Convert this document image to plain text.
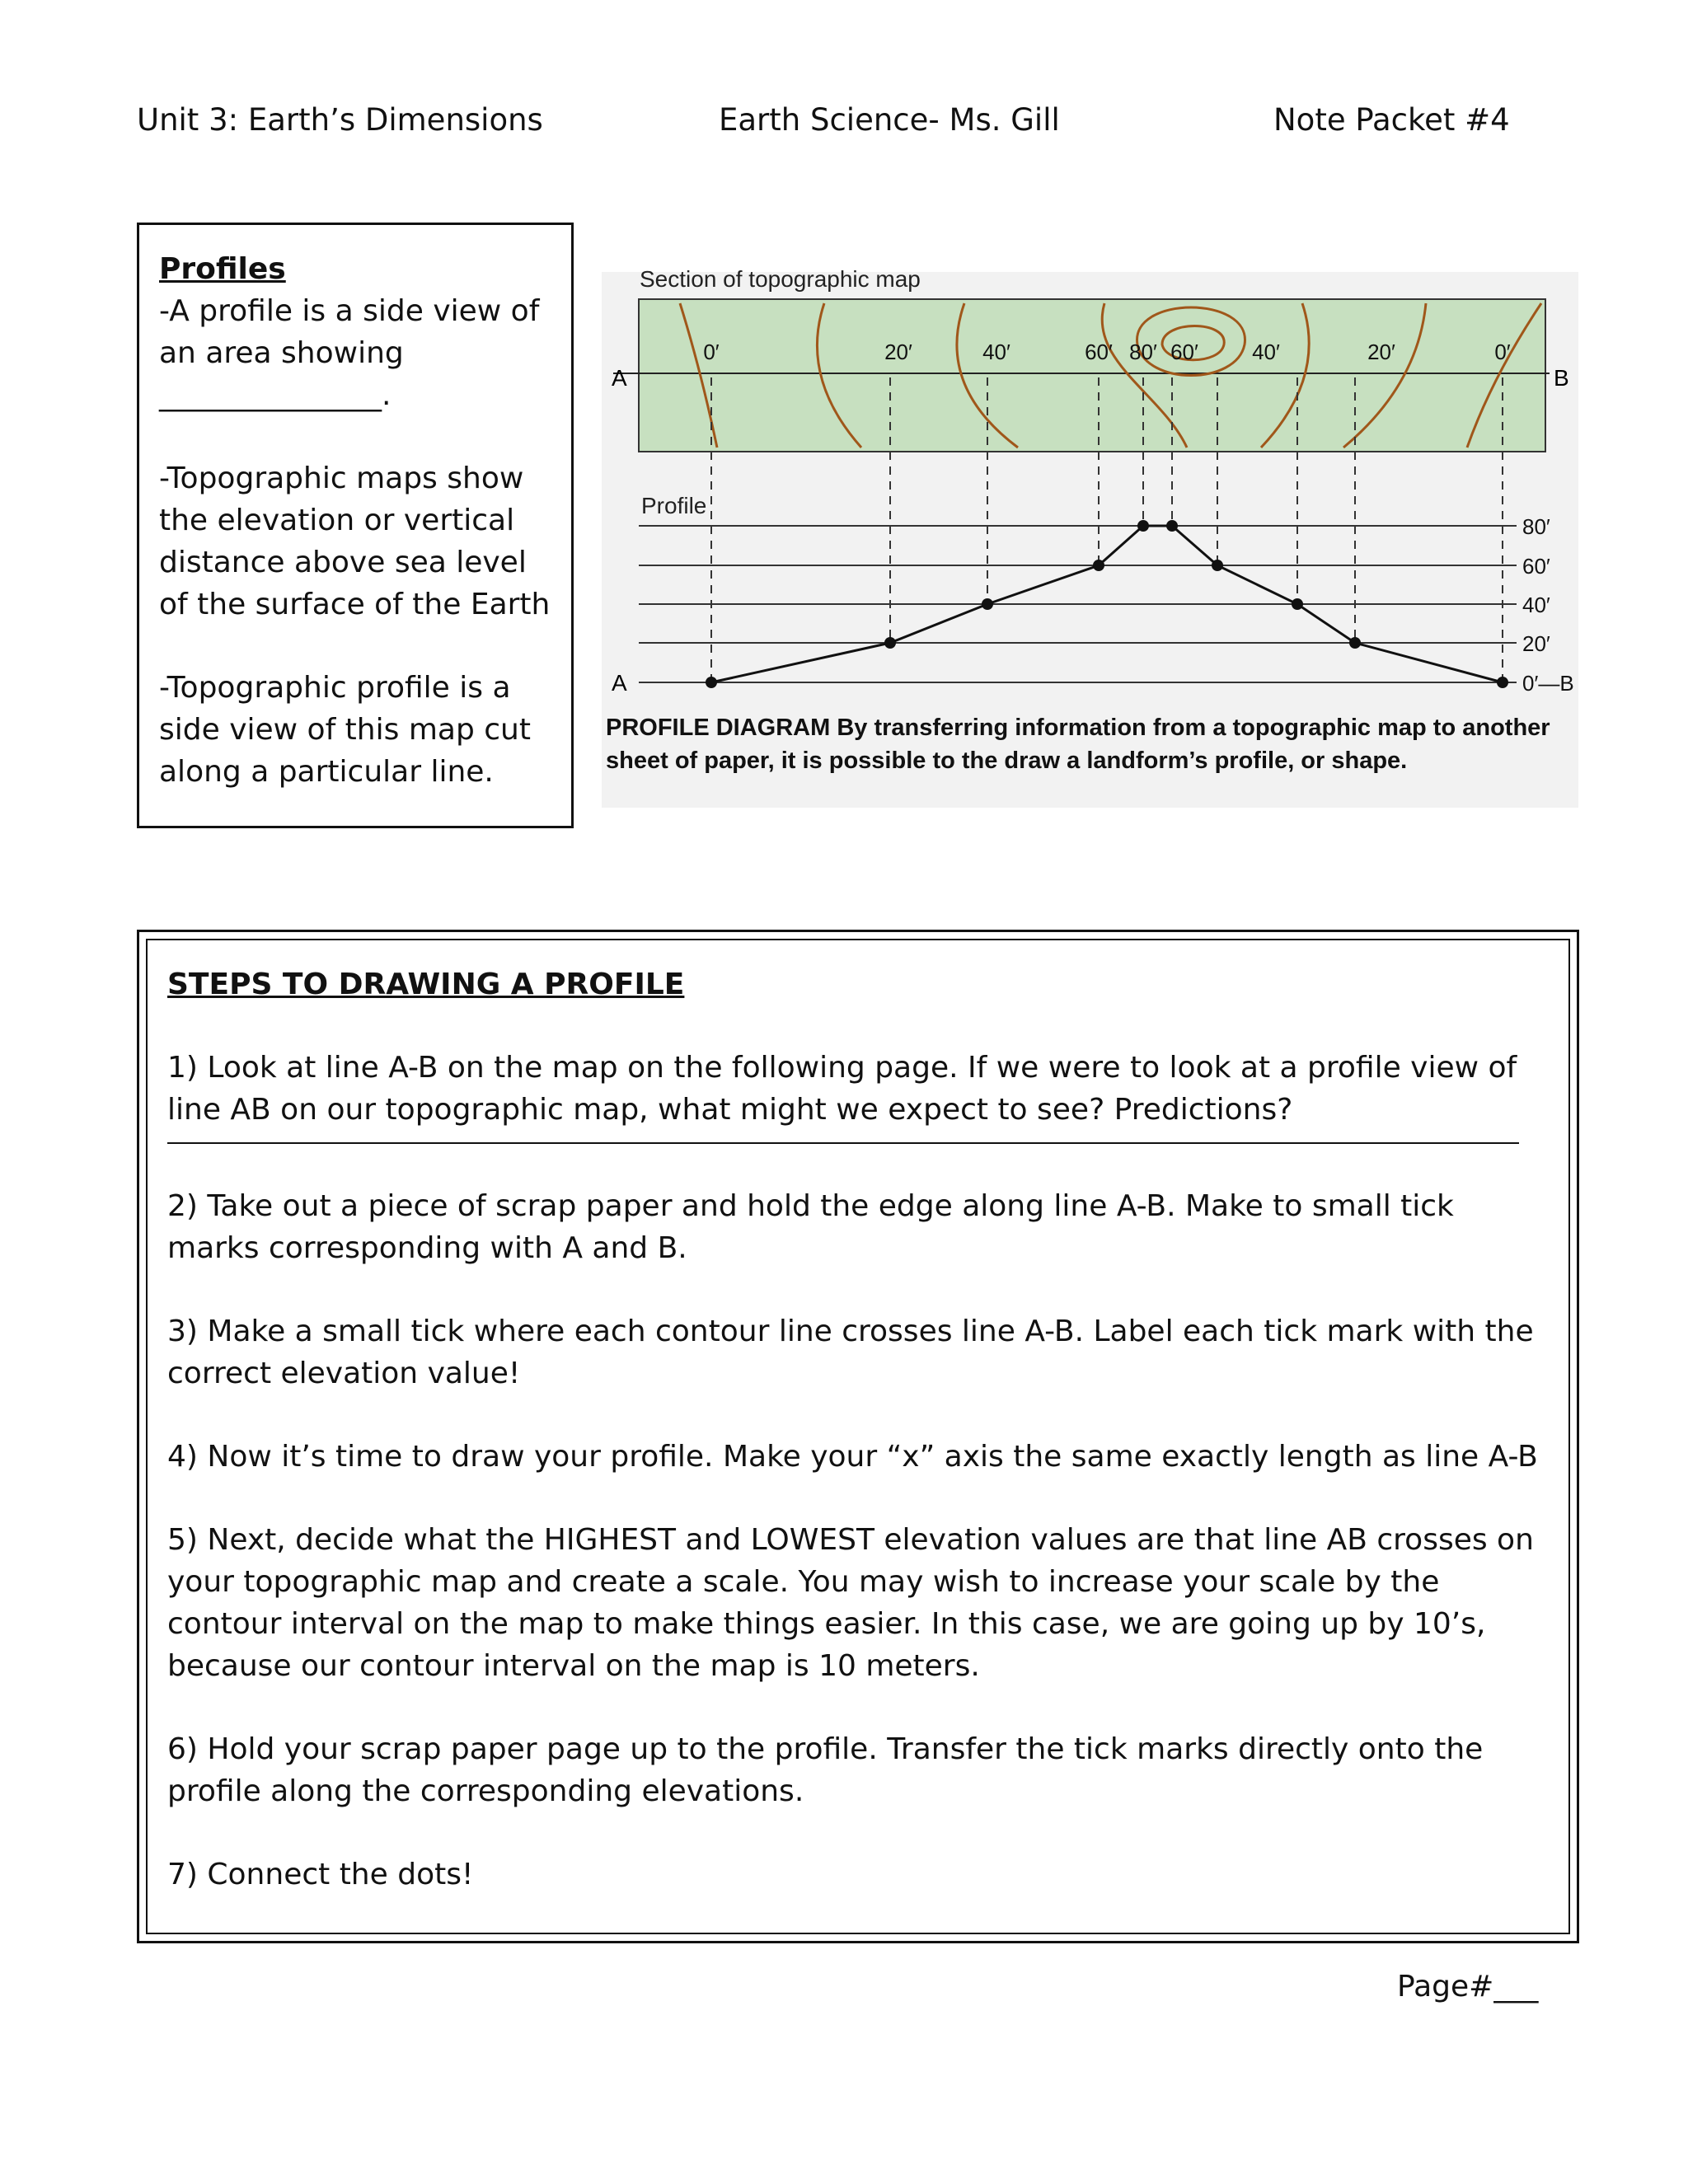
Unit 3: Earth’s Dimensions	Earth Science- Ms. Gill	Note Packet #4
Profiles

-A profile is a side view of an area showing _______________.

-Topographic maps show the elevation or vertical distance above sea level of the surface of the Earth

-Topographic profile is a side view of this map cut along a particular line.

Section of topographic map
0′	20′	40′	60′ 80′ 60′	40′	20′	0′
A	B
Profile
80′
60′
40′
20′
0′—B
A
PROFILE DIAGRAM By transferring information from a topographic map to another sheet of paper, it is possible to the draw a landform’s profile, or shape.

STEPS TO DRAWING A PROFILE

1) Look at line A-B on the map on the following page. If we were to look at a profile view of line AB on our topographic map, what might we expect to see? Predictions?

2) Take out a piece of scrap paper and hold the edge along line A-B. Make to small tick marks corresponding with A and B.

3) Make a small tick where each contour line crosses line A-B. Label each tick mark with the correct elevation value!

4) Now it’s time to draw your profile. Make your “x” axis the same exactly length as line A-B

5) Next, decide what the HIGHEST and LOWEST elevation values are that line AB crosses on your topographic map and create a scale. You may wish to increase your scale by the contour interval on the map to make things easier. In this case, we are going up by 10’s, because our contour interval on the map is 10 meters.

6) Hold your scrap paper page up to the profile. Transfer the tick marks directly onto the profile along the corresponding elevations.

7) Connect the dots!

Page#___
